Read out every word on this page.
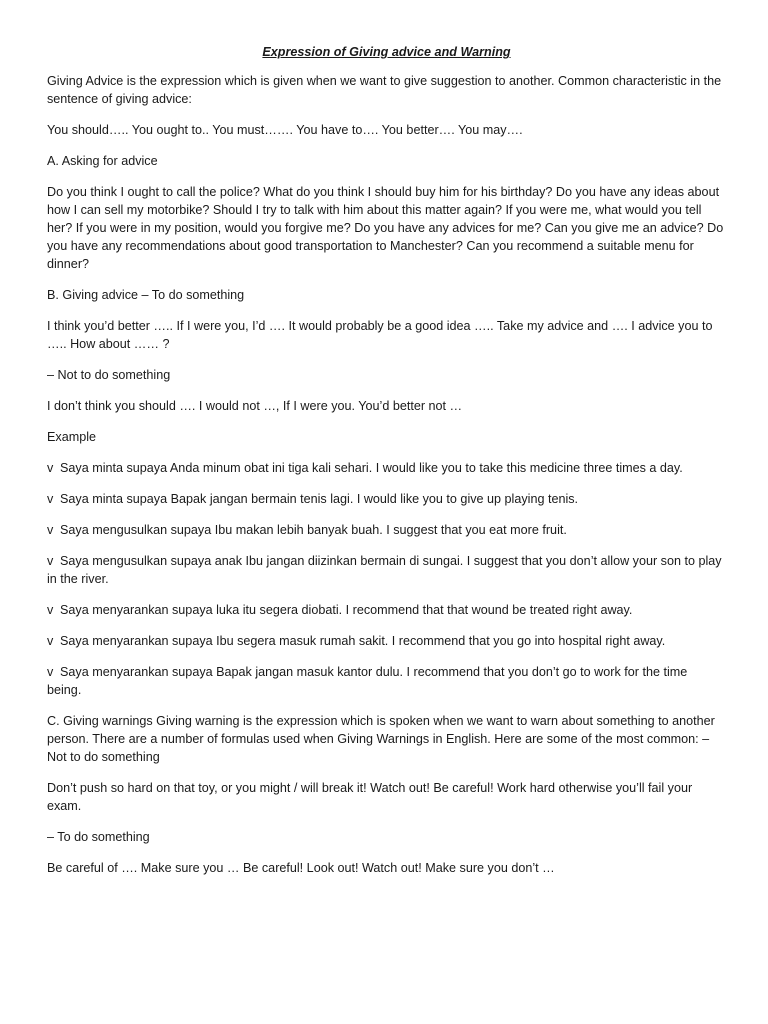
Expression of Giving advice and Warning

Giving Advice is the expression which is given when we want to give suggestion to another. Common characteristic in the sentence of giving advice:

You should….. You ought to.. You must……. You have to…. You better…. You may….

A. Asking for advice

Do you think I ought to call the police? What do you think I should buy him for his birthday? Do you have any ideas about how I can sell my motorbike? Should I try to talk with him about this matter again? If you were me, what would you tell her? If you were in my position, would you forgive me? Do you have any advices for me? Can you give me an advice? Do you have any recommendations about good transportation to Manchester? Can you recommend a suitable menu for dinner?

B. Giving advice – To do something

I think you’d better ….. If I were you, I’d …. It would probably be a good idea ….. Take my advice and …. I advice you to ….. How about …… ?

– Not to do something

I don’t think you should …. I would not …, If I were you. You’d better not …

Example

v Saya minta supaya Anda minum obat ini tiga kali sehari. I would like you to take this medicine three times a day.

v Saya minta supaya Bapak jangan bermain tenis lagi. I would like you to give up playing tenis.

v Saya mengusulkan supaya Ibu makan lebih banyak buah. I suggest that you eat more fruit.

v Saya mengusulkan supaya anak Ibu jangan diizinkan bermain di sungai. I suggest that you don’t allow your son to play in the river.

v Saya menyarankan supaya luka itu segera diobati. I recommend that that wound be treated right away.

v Saya menyarankan supaya Ibu segera masuk rumah sakit. I recommend that you go into hospital right away.

v Saya menyarankan supaya Bapak jangan masuk kantor dulu. I recommend that you don’t go to work for the time being.

C. Giving warnings Giving warning is the expression which is spoken when we want to warn about something to another person. There are a number of formulas used when Giving Warnings in English. Here are some of the most common: – Not to do something

Don’t push so hard on that toy, or you might / will break it! Watch out! Be careful! Work hard otherwise you’ll fail your exam.

– To do something

Be careful of …. Make sure you … Be careful! Look out! Watch out! Make sure you don’t …
